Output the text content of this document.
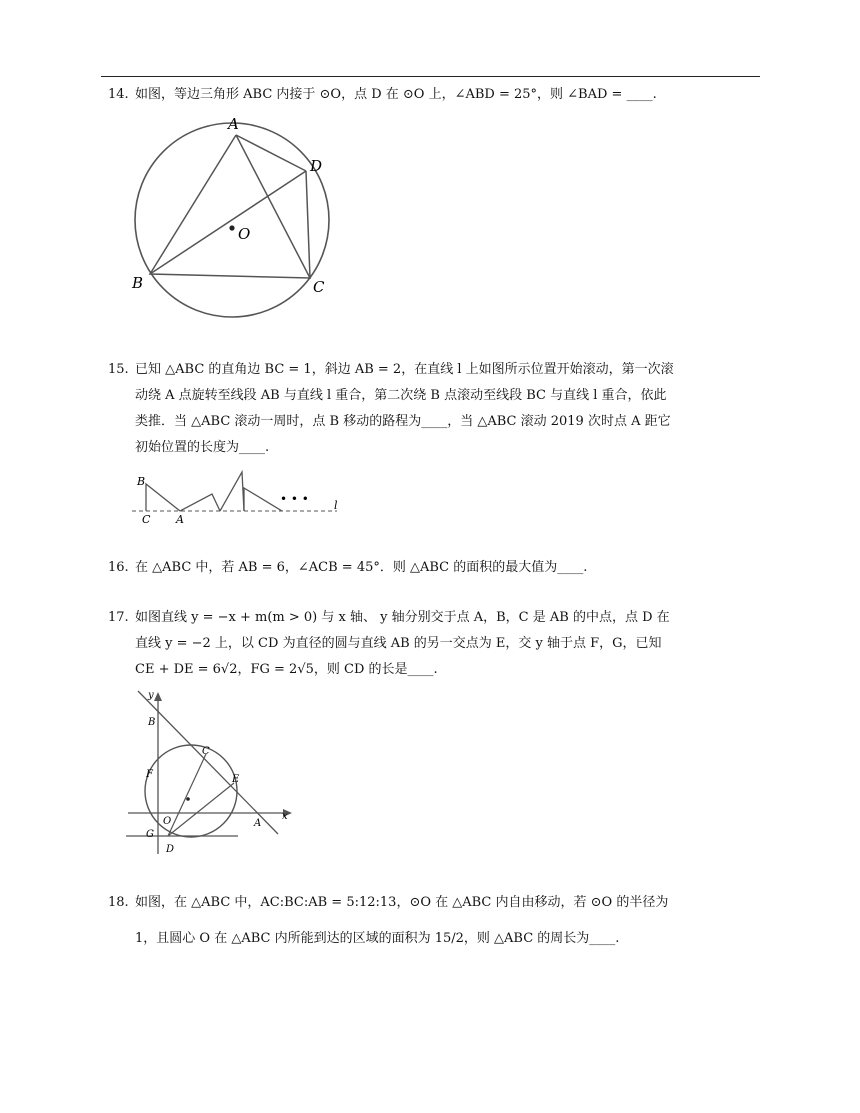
14. 如图，等边三角形 ABC 内接于 ⊙O，点 D 在 ⊙O 上，∠ABD = 25°，则 ∠BAD = ____.
A
D
O
B	C
15. 已知 △ABC 的直角边 BC = 1，斜边 AB = 2，在直线 l 上如图所示位置开始滚动，第一次滚
动绕 A 点旋转至线段 AB 与直线 l 重合，第二次绕 B 点滚动至线段 BC 与直线 l 重合，依此
类推．当 △ABC 滚动一周时，点 B 移动的路程为____，当 △ABC 滚动 2019 次时点 A 距它
初始位置的长度为____.
B
C A
• • • l
16. 在 △ABC 中，若 AB = 6，∠ACB = 45°．则 △ABC 的面积的最大值为____.
17. 如图直线 y = −x + m(m > 0) 与 x 轴、 y 轴分别交于点 A，B，C 是 AB 的中点，点 D 在
直线 y = −2 上，以 CD 为直径的圆与直线 AB 的另一交点为 E，交 y 轴于点 F，G，已知
CE + DE = 6√2，FG = 2√5，则 CD 的长是____.
y
x
B
C
E
F
O	A
G
D
18. 如图，在 △ABC 中，AC:BC:AB = 5:12:13，⊙O 在 △ABC 内自由移动，若 ⊙O 的半径为
1，且圆心 O 在 △ABC 内所能到达的区域的面积为 15/2，则 △ABC 的周长为____.
